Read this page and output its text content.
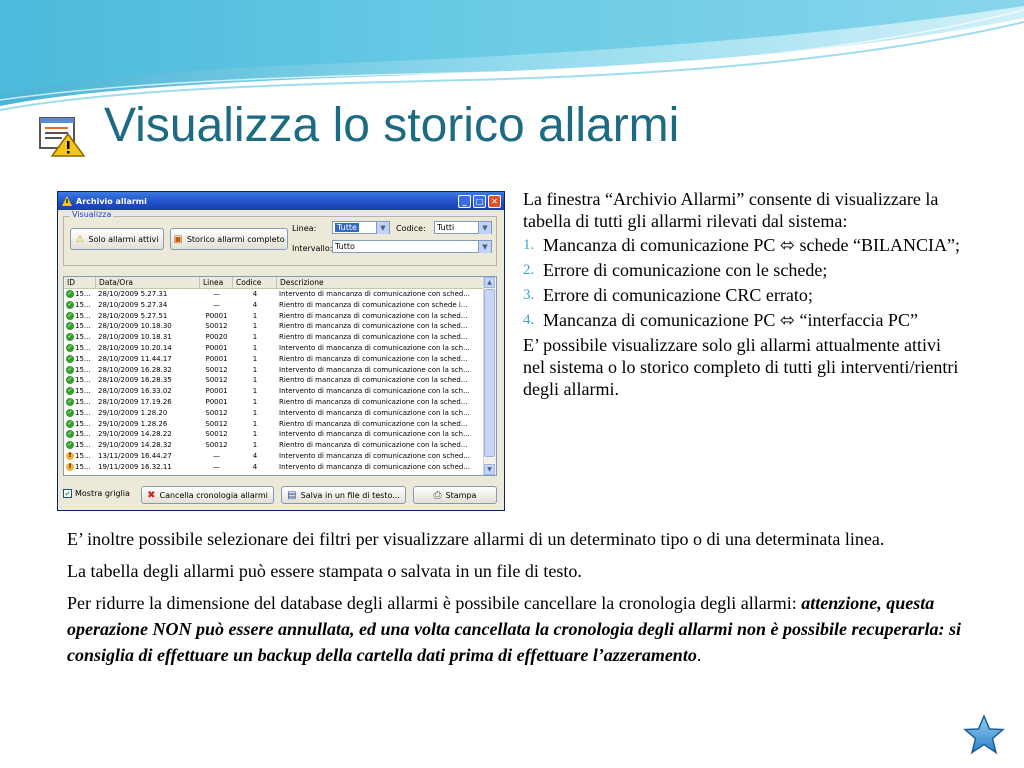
Visualizza lo storico allarmi
Archivio allarmi	_	□ ✕
Visualizza
⚠ Solo allarmi attivi ▣ Storico allarmi completo
Linea:	Tutte	▼	Codice:	Tutti	▼
Intervallo: Tutto	▼
ID	Data/Ora	Linea	Codice	Descrizione
✓ 15...	28/10/2009 5.27.31	—	4	Intervento di mancanza di comunicazione con sched...
✓ 15...	28/10/2009 5.27.34	—	4	Rientro di mancanza di comunicazione con schede i...
✓ 15...	28/10/2009 5.27.51	P0001	1	Rientro di mancanza di comunicazione con la sched...
✓ 15...	28/10/2009 10.18.30	S0012	1	Rientro di mancanza di comunicazione con la sched...
✓ 15...	28/10/2009 10.18.31	P0020	1	Rientro di mancanza di comunicazione con la sched...
✓ 15...	28/10/2009 10.20.14	P0001	1	Intervento di mancanza di comunicazione con la sch...
✓ 15...	28/10/2009 11.44.17	P0001	1	Rientro di mancanza di comunicazione con la sched...
✓ 15...	28/10/2009 16.28.32	S0012	1	Intervento di mancanza di comunicazione con la sch...
✓ 15...	28/10/2009 16.28.35	S0012	1	Rientro di mancanza di comunicazione con la sched...
✓ 15...	28/10/2009 16.33.02	P0001	1	Intervento di mancanza di comunicazione con la sch...
✓ 15...	28/10/2009 17.19.26	P0001	1	Rientro di mancanza di comunicazione con la sched...
✓ 15...	29/10/2009 1.28.20	S0012	1	Intervento di mancanza di comunicazione con la sch...
✓ 15...	29/10/2009 1.28.26	S0012	1	Rientro di mancanza di comunicazione con la sched...
✓ 15...	29/10/2009 14.28.22	S0012	1	Intervento di mancanza di comunicazione con la sch...
✓ 15...	29/10/2009 14.28.32	S0012	1	Rientro di mancanza di comunicazione con la sched...
! 15...	13/11/2009 16.44.27	—	4	Intervento di mancanza di comunicazione con sched...
! 15...	19/11/2009 16.32.11	—	4	Intervento di mancanza di comunicazione con sched...
▲
▼
✔ Mostra griglia ✖ Cancella cronologia allarmi ▤ Salva in un file di testo...	⎙ Stampa

La finestra “Archivio Allarmi” consente di visualizzare la tabella di tutti gli allarmi rilevati dal sistema:

1. Mancanza di comunicazione PC ⬄ schede “BILANCIA”;
2. Errore di comunicazione con le schede;
3. Errore di comunicazione CRC errato;
4. Mancanza di comunicazione PC ⬄ “interfaccia PC”

E’ possibile visualizzare solo gli allarmi attualmente attivi nel sistema o lo storico completo di tutti gli interventi/rientri degli allarmi.

E’ inoltre possibile selezionare dei filtri per visualizzare allarmi di un determinato tipo o di una determinata linea.

La tabella degli allarmi può essere stampata o salvata in un file di testo.

Per ridurre la dimensione del database degli allarmi è possibile cancellare la cronologia degli allarmi: attenzione, questa operazione NON può essere annullata, ed una volta cancellata la cronologia degli allarmi non è possibile recuperarla: si consiglia di effettuare un backup della cartella dati prima di effettuare l’azzeramento.
